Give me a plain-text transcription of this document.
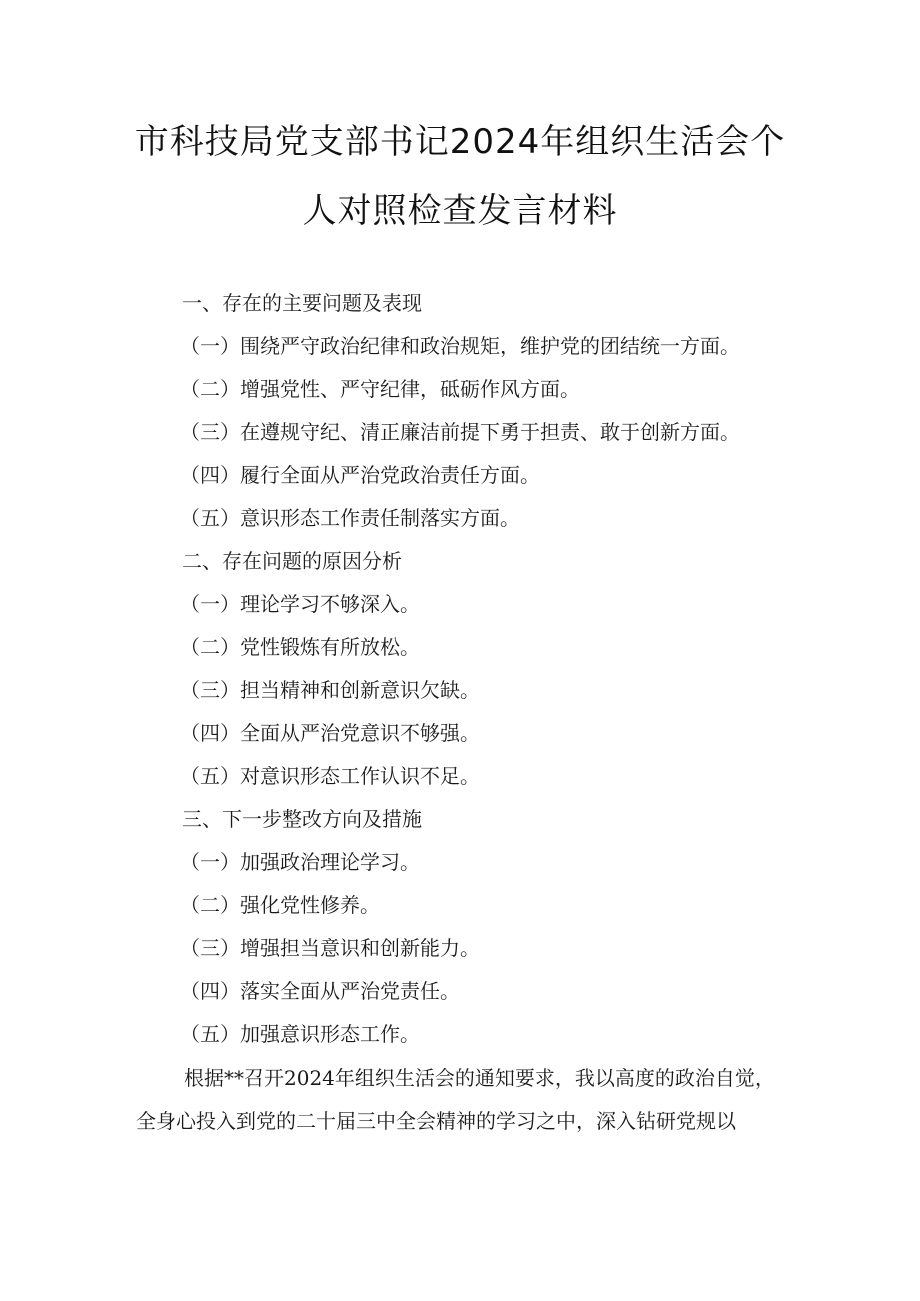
市科技局党支部书记2024年组织生活会个
人对照检查发言材料
一、存在的主要问题及表现
（一）围绕严守政治纪律和政治规矩，维护党的团结统一方面。
（二）增强党性、严守纪律，砥砺作风方面。
（三）在遵规守纪、清正廉洁前提下勇于担责、敢于创新方面。
（四）履行全面从严治党政治责任方面。
（五）意识形态工作责任制落实方面。
二、存在问题的原因分析
（一）理论学习不够深入。
（二）党性锻炼有所放松。
（三）担当精神和创新意识欠缺。
（四）全面从严治党意识不够强。
（五）对意识形态工作认识不足。
三、下一步整改方向及措施
（一）加强政治理论学习。
（二）强化党性修养。
（三）增强担当意识和创新能力。
（四）落实全面从严治党责任。
（五）加强意识形态工作。
根据**召开2024年组织生活会的通知要求，我以高度的政治自觉，
全身心投入到党的二十届三中全会精神的学习之中，深入钻研党规以
